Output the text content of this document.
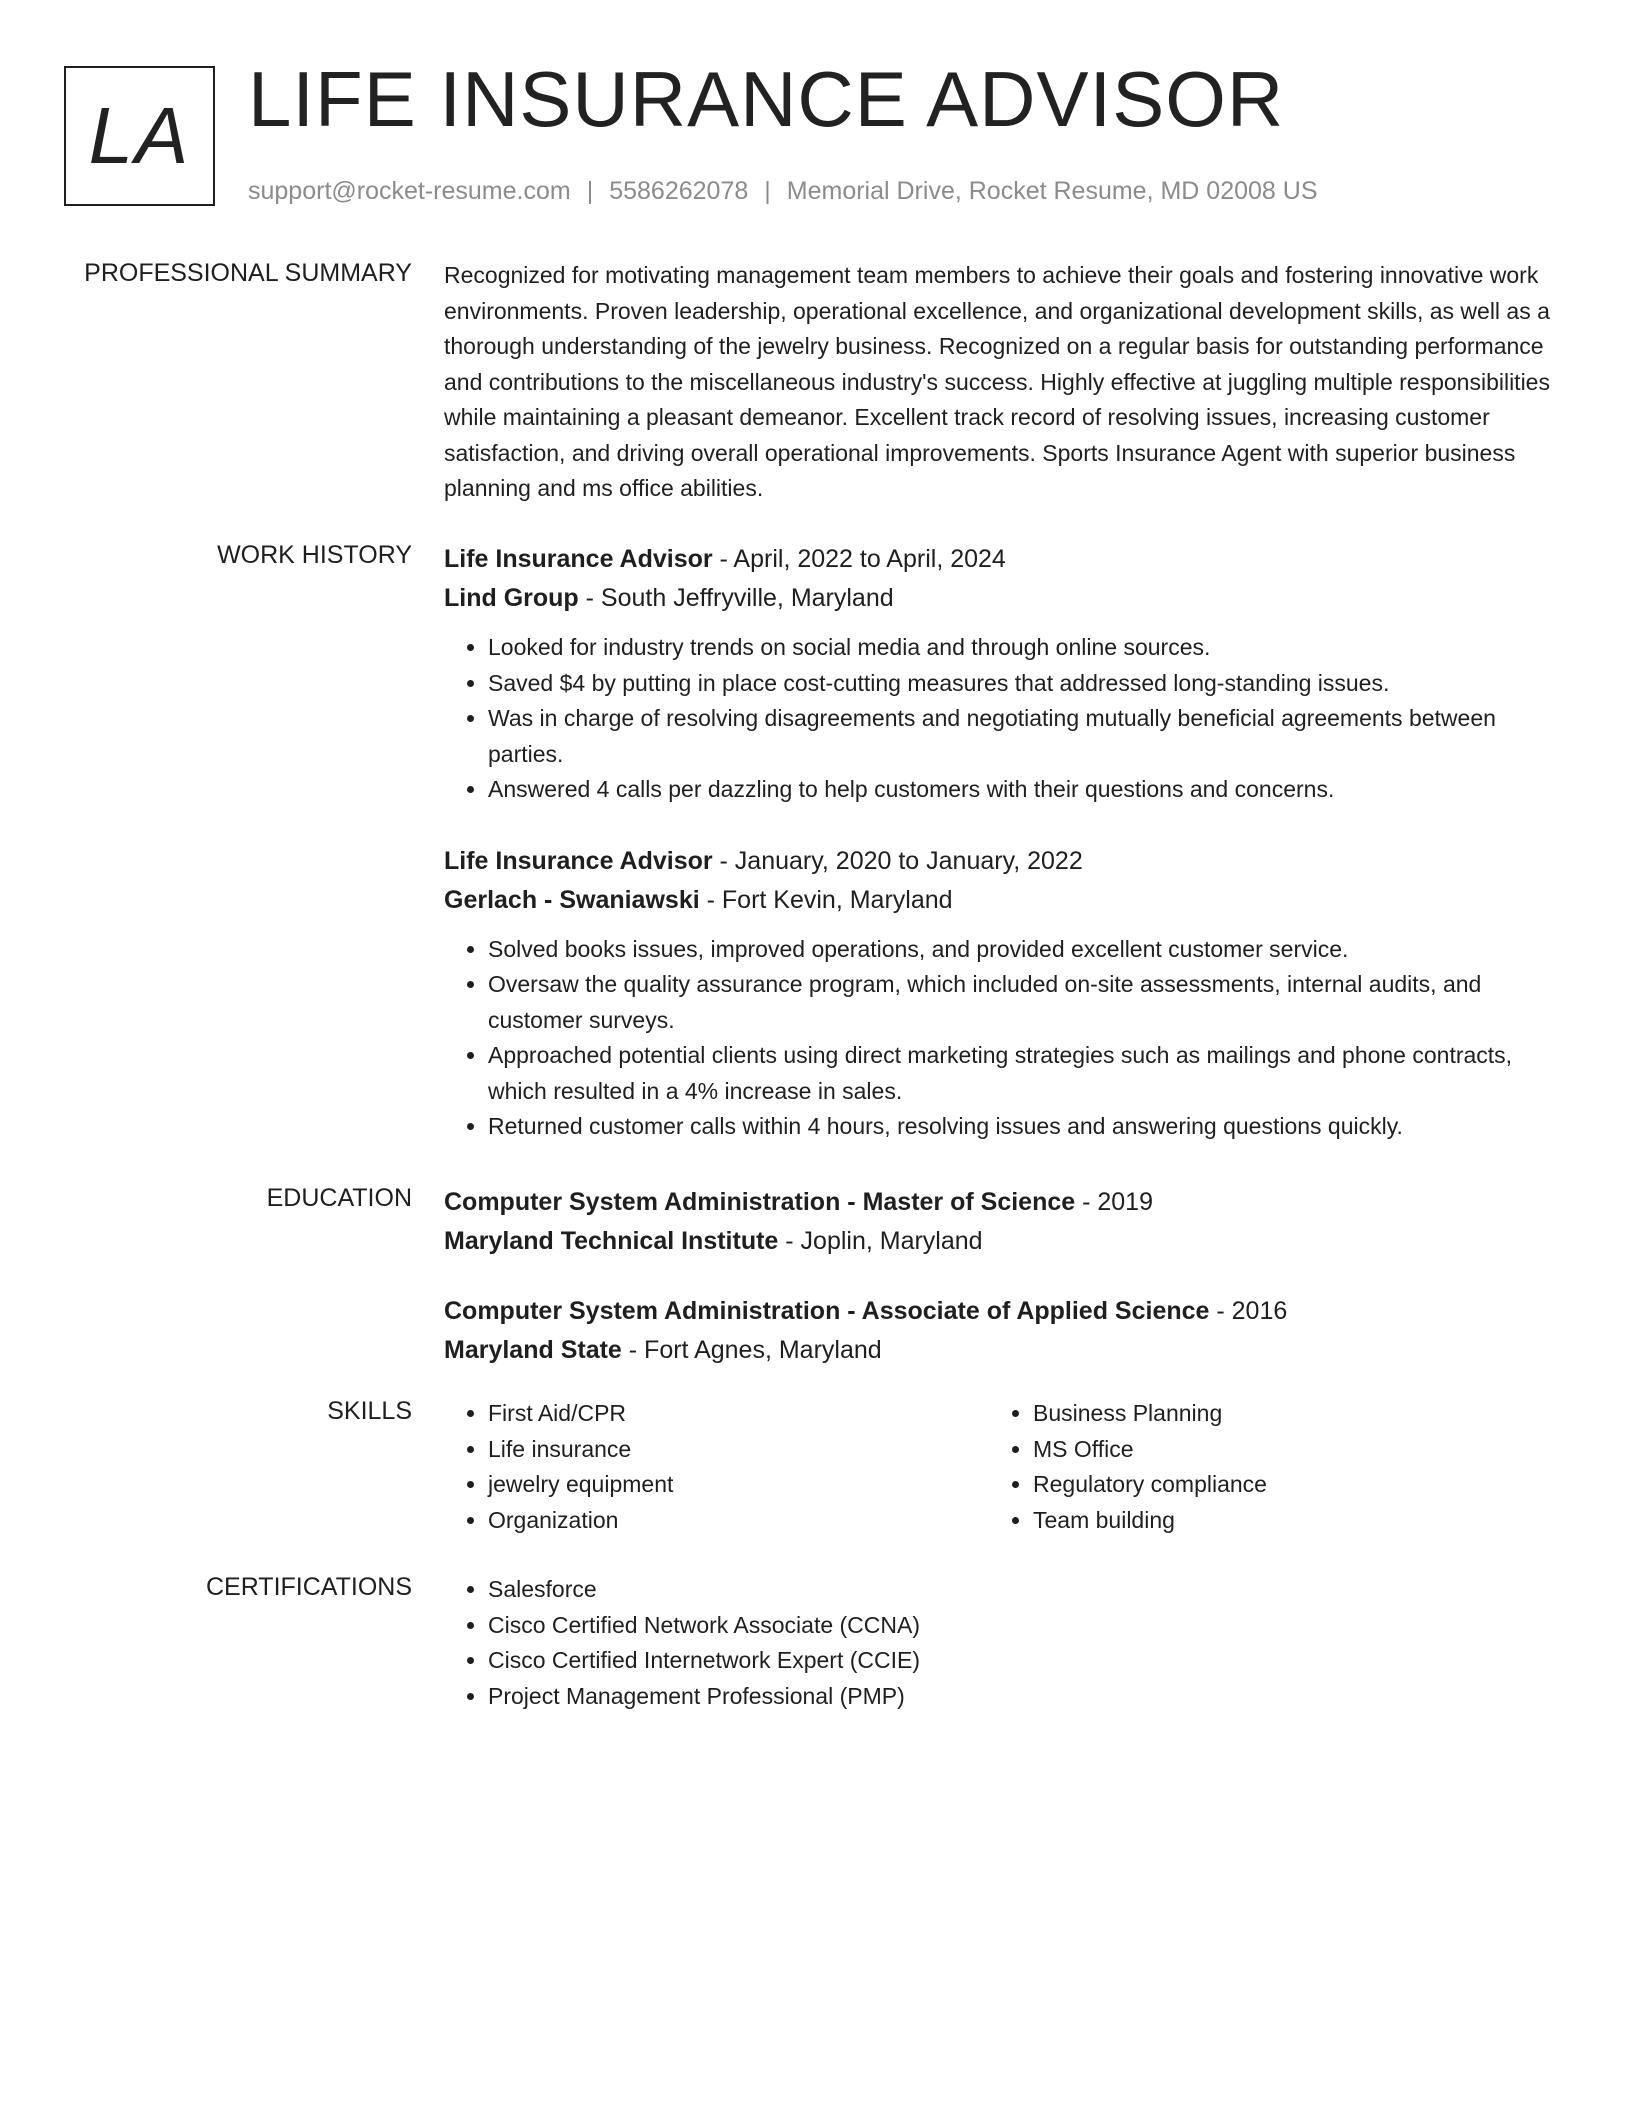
LA LIFE INSURANCE ADVISOR
support@rocket-resume.com | 5586262078 | Memorial Drive, Rocket Resume, MD 02008 US
PROFESSIONAL SUMMARY Recognized for motivating management team members to achieve their goals and fostering innovative work environments. Proven leadership, operational excellence, and organizational development skills, as well as a thorough understanding of the jewelry business. Recognized on a regular basis for outstanding performance and contributions to the miscellaneous industry's success. Highly effective at juggling multiple responsibilities while maintaining a pleasant demeanor. Excellent track record of resolving issues, increasing customer satisfaction, and driving overall operational improvements. Sports Insurance Agent with superior business planning and ms office abilities.

WORK HISTORY Life Insurance Advisor - April, 2022 to April, 2024

Lind Group - South Jeffryville, Maryland

• Looked for industry trends on social media and through online sources.
• Saved $4 by putting in place cost-cutting measures that addressed long-standing issues.
• Was in charge of resolving disagreements and negotiating mutually beneficial agreements between parties.
• Answered 4 calls per dazzling to help customers with their questions and concerns.

Life Insurance Advisor - January, 2020 to January, 2022

Gerlach - Swaniawski - Fort Kevin, Maryland

• Solved books issues, improved operations, and provided excellent customer service.
• Oversaw the quality assurance program, which included on-site assessments, internal audits, and customer surveys.
• Approached potential clients using direct marketing strategies such as mailings and phone contracts, which resulted in a 4% increase in sales.
• Returned customer calls within 4 hours, resolving issues and answering questions quickly.
EDUCATION Computer System Administration - Master of Science - 2019

Maryland Technical Institute - Joplin, Maryland

Computer System Administration - Associate of Applied Science - 2016

Maryland State - Fort Agnes, Maryland

SKILLS	• First Aid/CPR
• Life insurance
• jewelry equipment
• Organization
• Business Planning
• MS Office
• Regulatory compliance
• Team building
CERTIFICATIONS	• Salesforce
• Cisco Certified Network Associate (CCNA)
• Cisco Certified Internetwork Expert (CCIE)
• Project Management Professional (PMP)
